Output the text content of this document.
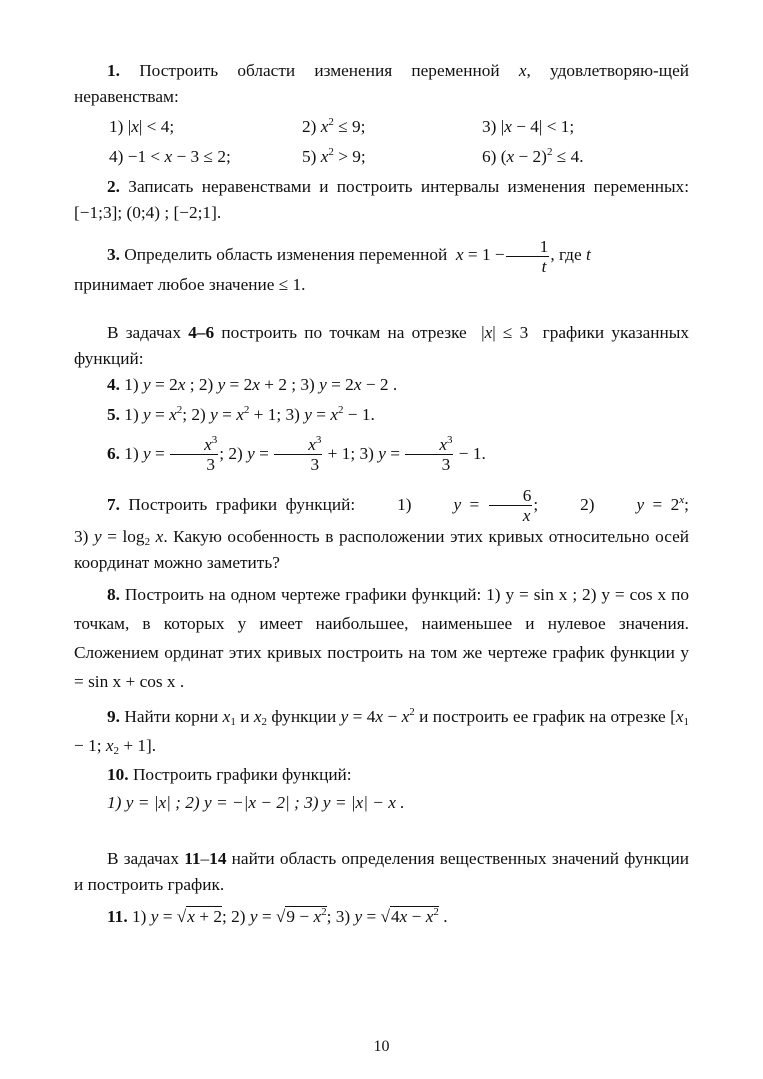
1. Построить области изменения переменной x, удовлетворяю-щей неравенствам:

1) |x| < 4;	2) $x^2 \le 9$;	3) |x − 4| < 1;
4) −1 < x − 3 ≤ 2;	5) $x^2 > 9$;	6) $(x - 2)^2 \le 4$.

2. Записать неравенствами и построить интервалы изменения переменных: [−1;3]; (0;4) ; [−2;1].

3. Определить область изменения переменной $x = 1 - \frac{1}{t}$ , где t

принимает любое значение ≤ 1.

В задачах 4–6 построить по точкам на отрезке |x| ≤ 3  графики указанных функций:

4. 1) y = 2x ; 2) y = 2x + 2 ; 3) y = 2x − 2 .

5. 1) $y = x^2$; 2) $y = x^2 + 1$; 3) $y = x^2 - 1$.

6. 1) $y = \frac{x^3}{3}$ ; 2) $y = \frac{x^3}{3} + 1$; 3) $y = \frac{x^3}{3} - 1$.

7. Построить графики функций: 1) $y = \frac{6}{x}$ ;     2) $y = 2^x$;

3) $y = \log_2 x$. Какую особенность в расположении этих кривых относительно осей координат можно заметить?

8. Построить на одном чертеже графики функций: 1) y = sin x ; 2) y = cos x по точкам, в которых y имеет наибольшее, наименьшее и нулевое значения. Сложением ординат этих кривых построить на том же чертеже график функции y = sin x + cos x .

9. Найти корни $x_1$ и $x_2$ функции $y = 4x - x^2$ и построить ее график на отрезке [$x_1 - 1$; $x_2 + 1$].

10. Построить графики функций:

1) y = |x| ; 2) y = −|x − 2| ; 3) y = |x| − x .

В задачах 11–14 найти область определения вещественных значений функции и построить график.

11. 1) y = √x + 2; 2) $y = √9 - x^2$; 3) $y = √4x - x^2$ .

10
